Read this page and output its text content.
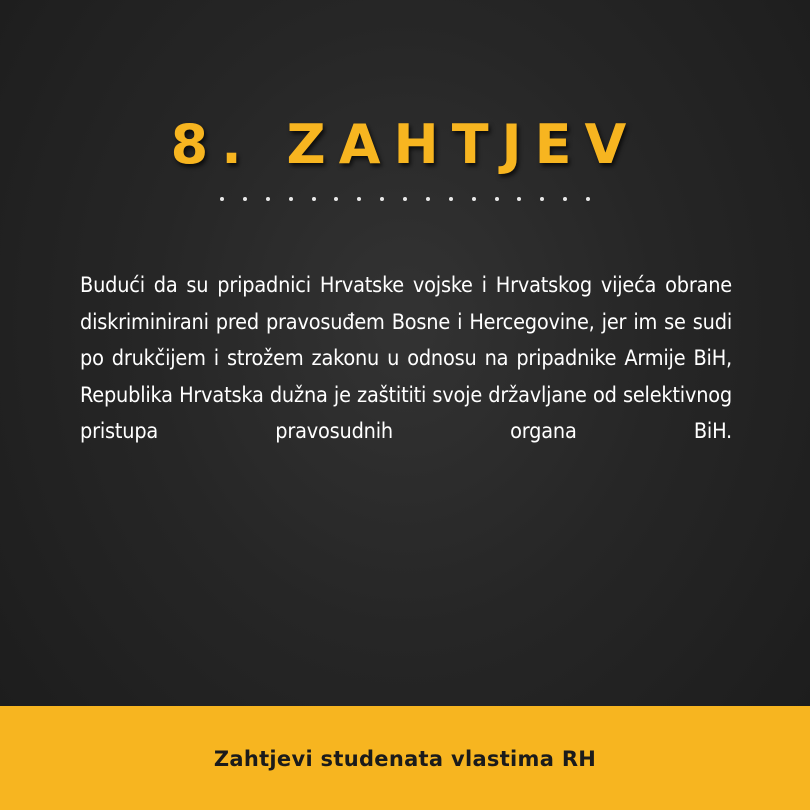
8. ZAHTJEV

Budući da su pripadnici Hrvatske vojske i Hrvatskog vijeća obrane diskriminirani pred pravosuđem Bosne i Hercegovine, jer im se sudi po drukčijem i strožem zakonu u odnosu na pripadnike Armije BiH, Republika Hrvatska dužna je zaštititi svoje državljane od selektivnog pristupa pravosudnih organa BiH.

Zahtjevi studenata vlastima RH
